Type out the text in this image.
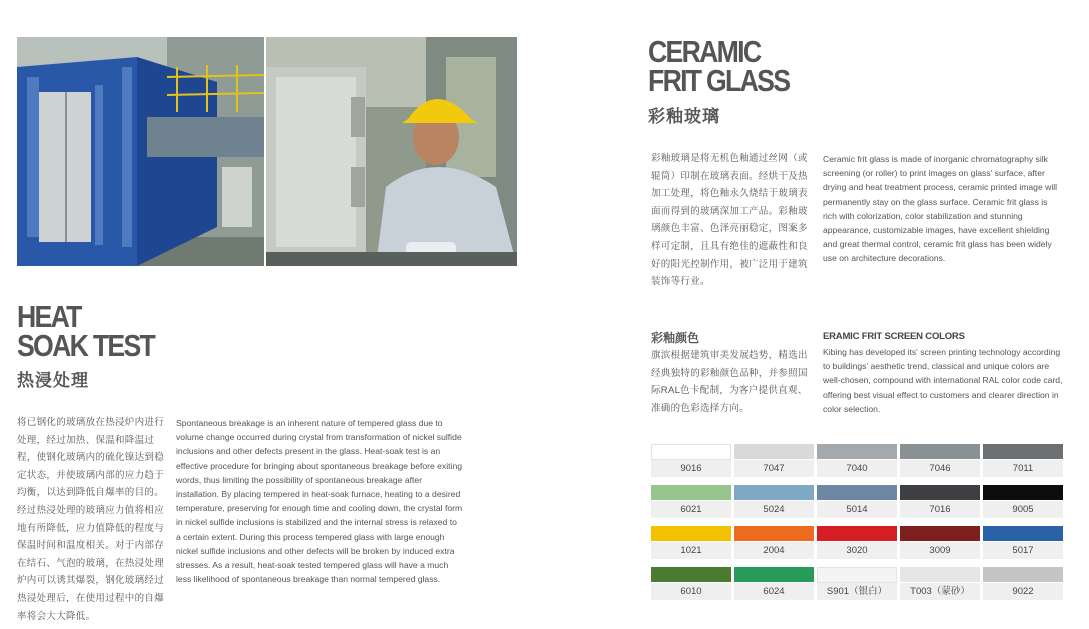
HEAT
SOAK TEST
热浸处理
将已钢化的玻璃放在热浸炉内进行处理，经过加热、保温和降温过程，使钢化玻璃内的硫化镍达到稳定状态，并使玻璃内部的应力趋于均衡，以达到降低自爆率的目的。经过热浸处理的玻璃应力值将相应地有所降低，应力值降低的程度与保温时间和温度相关。对于内部存在结石、气泡的玻璃，在热浸处理炉内可以诱其爆裂，钢化玻璃经过热浸处理后，在使用过程中的自爆率将会大大降低。
Spontaneous breakage is an inherent nature of tempered glass due to volume change occurred during crystal from transformation of nickel sulfide inclusions and other defects present in the glass. Heat-soak test is an effective procedure for bringing about spontaneous breakage before exiting words, thus limiting the possibility of spontaneous breakage after installation. By placing tempered in heat-soak furnace, heating to a desired temperature, preserving for enough time and cooling down, the crystal form in nickel sulfide inclusions is stabilized and the internal stress is relaxed to a certain extent. During this process tempered glass with large enough nickel sulfide inclusions and other defects will be broken by induced extra stresses. As a result, heat-soak tested tempered glass will have a much less likelihood of spontaneous breakage than normal tempered glass.
CERAMIC
FRIT GLASS
彩釉玻璃
彩釉玻璃是将无机色釉通过丝网（或辊筒）印制在玻璃表面。经烘干及热加工处理，将色釉永久烧结于玻璃表面而得到的玻璃深加工产品。彩釉玻璃颜色丰富、色泽亮丽稳定，图案多样可定制，且具有绝佳的遮蔽性和良好的阳光控制作用，被广泛用于建筑装饰等行业。
Ceramic frit glass is made of inorganic chromatography silk screening (or roller) to print images on glass' surface, after drying and heat treatment process, ceramic printed image will permanently stay on the glass surface. Ceramic frit glass is rich with colorization, color stabilization and stunning appearance, customizable images, have excellent shielding and great thermal control, ceramic frit glass has been widely use on architecture decorations.
彩釉颜色	ERAMIC FRIT SCREEN COLORS
旗滨根据建筑审美发展趋势，精选出经典独特的彩釉颜色品种，并参照国际RAL色卡配制，为客户提供直观、准确的色彩选择方向。
Kibing has developed its' screen printing technology according to buildings' aesthetic trend, classical and unique colors are well-chosen, compound with international RAL color code card, offering best visual effect to customers and clearer direction in color selection.
9016	7047	7040	7046	7011
6021	5024	5014	7016	9005
1021	2004	3020	3009	5017
6010	6024	S901（银白）	T003（蒙砂）	9022
